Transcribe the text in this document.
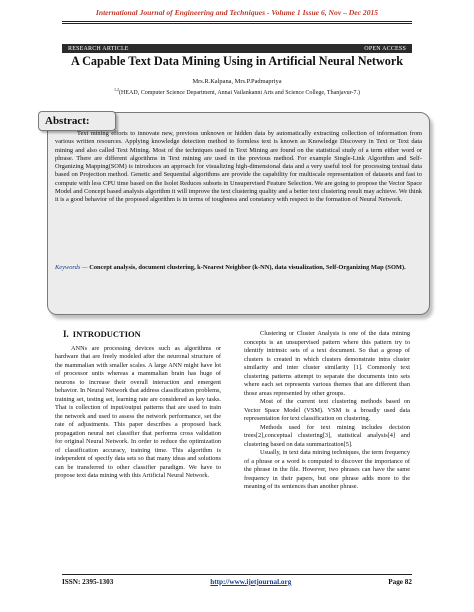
International Journal of Engineering and Techniques - Volume 1 Issue 6, Nov – Dec 2015
RESEARCH ARTICLE	OPEN ACCESS
A Capable Text Data Mining Using in Artificial Neural Network
Mrs.R.Kalpana, Mrs.P.Padmapriya
$^{1,2}$(HEAD, Computer Science Department, Annai Vailankanni Arts and Science College, Thanjavur-7.)
Abstract:

Text mining efforts to innovate new, previous unknown or hidden data by automatically extracting collection of information from various written resources. Applying knowledge detection method to formless text is known as Knowledge Discovery in Text or Text data mining and also called Text Mining. Most of the techniques used in Text Mining are found on the statistical study of a term either word or phrase. There are different algorithms in Text mining are used in the previous method. For example Single-Link Algorithm and Self-Organizing Mapping(SOM) is introduces an approach for visualizing high-dimensional data and a very useful tool for processing textual data based on Projection method. Genetic and Sequential algorithms are provide the capability for multiscale representation of datasets and fast to compute with less CPU time based on the Isolet Reduces subsets in Unsupervised Feature Selection. We are going to propose the Vector Space Model and Concept based analysis algorithm it will improve the text clustering quality and a better text clustering result may achieve. We think it is a good behavior of the proposed algorithm is in terms of toughness and constancy with respect to the formation of Neural Network.

Keywords — Concept analysis, document clustering, k-Nearest Neighbor (k-NN), data visualization, Self-Organizing Map (SOM).

I. INTRODUCTION

ANNs are processing devices such as algorithms or hardware that are freely modeled after the neuronal structure of the mammalian with smaller scales. A large ANN might have lot of processor units whereas a mammalian brain has huge of neurons to increase their overall interaction and emergent behavior. In Neural Network that address classification problems, training set, testing set, learning rate are considered as key tasks. That is collection of input/output patterns that are used to train the network and used to assess the network performance, set the rate of adjustments. This paper describes a proposed back propagation neural net classifier that performs cross validation for original Neural Network. In order to reduce the optimization of classification accuracy, training time. This algorithm is independent of specify data sets so that many ideas and solutions can be transferred to other classifier paradigm. We have to propose text data mining with this Artificial Neural Network.

Clustering or Cluster Analysis is one of the data mining concepts is an unsupervised pattern where this pattern try to identify intrinsic sets of a text document. So that a group of clusters is created in which clusters demonstrate intra cluster similarity and inter cluster similarity [1]. Commonly text clustering patterns attempt to separate the documents into sets where each set represents various themes that are different than those areas represented by other groups.

Most of the current text clustering methods based on Vector Space Model (VSM). VSM is a broadly used data representation for text classification on clustering.

Methods used for text mining includes decision trees[2],conceptual clustering[3], statistical analysis[4] and clustering based on data summarization[5].

Usually, in text data mining techniques, the term frequency of a phrase or a word is computed to discover the importance of the phrase in the file. However, two phrases can have the same frequency in their papers, but one phrase adds more to the meaning of its sentences than another phrase.

ISSN: 2395-1303	http://www.ijetjournal.org	Page 82
